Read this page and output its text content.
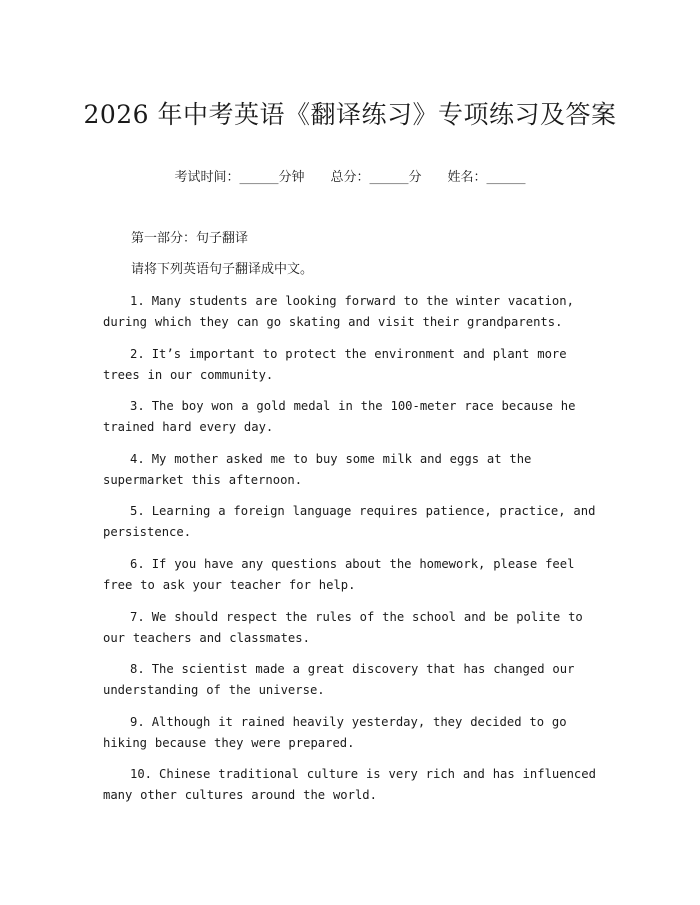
2026 年中考英语《翻译练习》专项练习及答案
考试时间：______分钟 总分：______分 姓名：______
第一部分：句子翻译
请将下列英语句子翻译成中文。
1. Many students are looking forward to the winter vacation, during which they can go skating and visit their grandparents.
2. It’s important to protect the environment and plant more trees in our community.
3. The boy won a gold medal in the 100-meter race because he trained hard every day.
4. My mother asked me to buy some milk and eggs at the supermarket this afternoon.
5. Learning a foreign language requires patience, practice, and persistence.
6. If you have any questions about the homework, please feel free to ask your teacher for help.
7. We should respect the rules of the school and be polite to our teachers and classmates.
8. The scientist made a great discovery that has changed our understanding of the universe.
9. Although it rained heavily yesterday, they decided to go hiking because they were prepared.
10. Chinese traditional culture is very rich and has influenced many other cultures around the world.
